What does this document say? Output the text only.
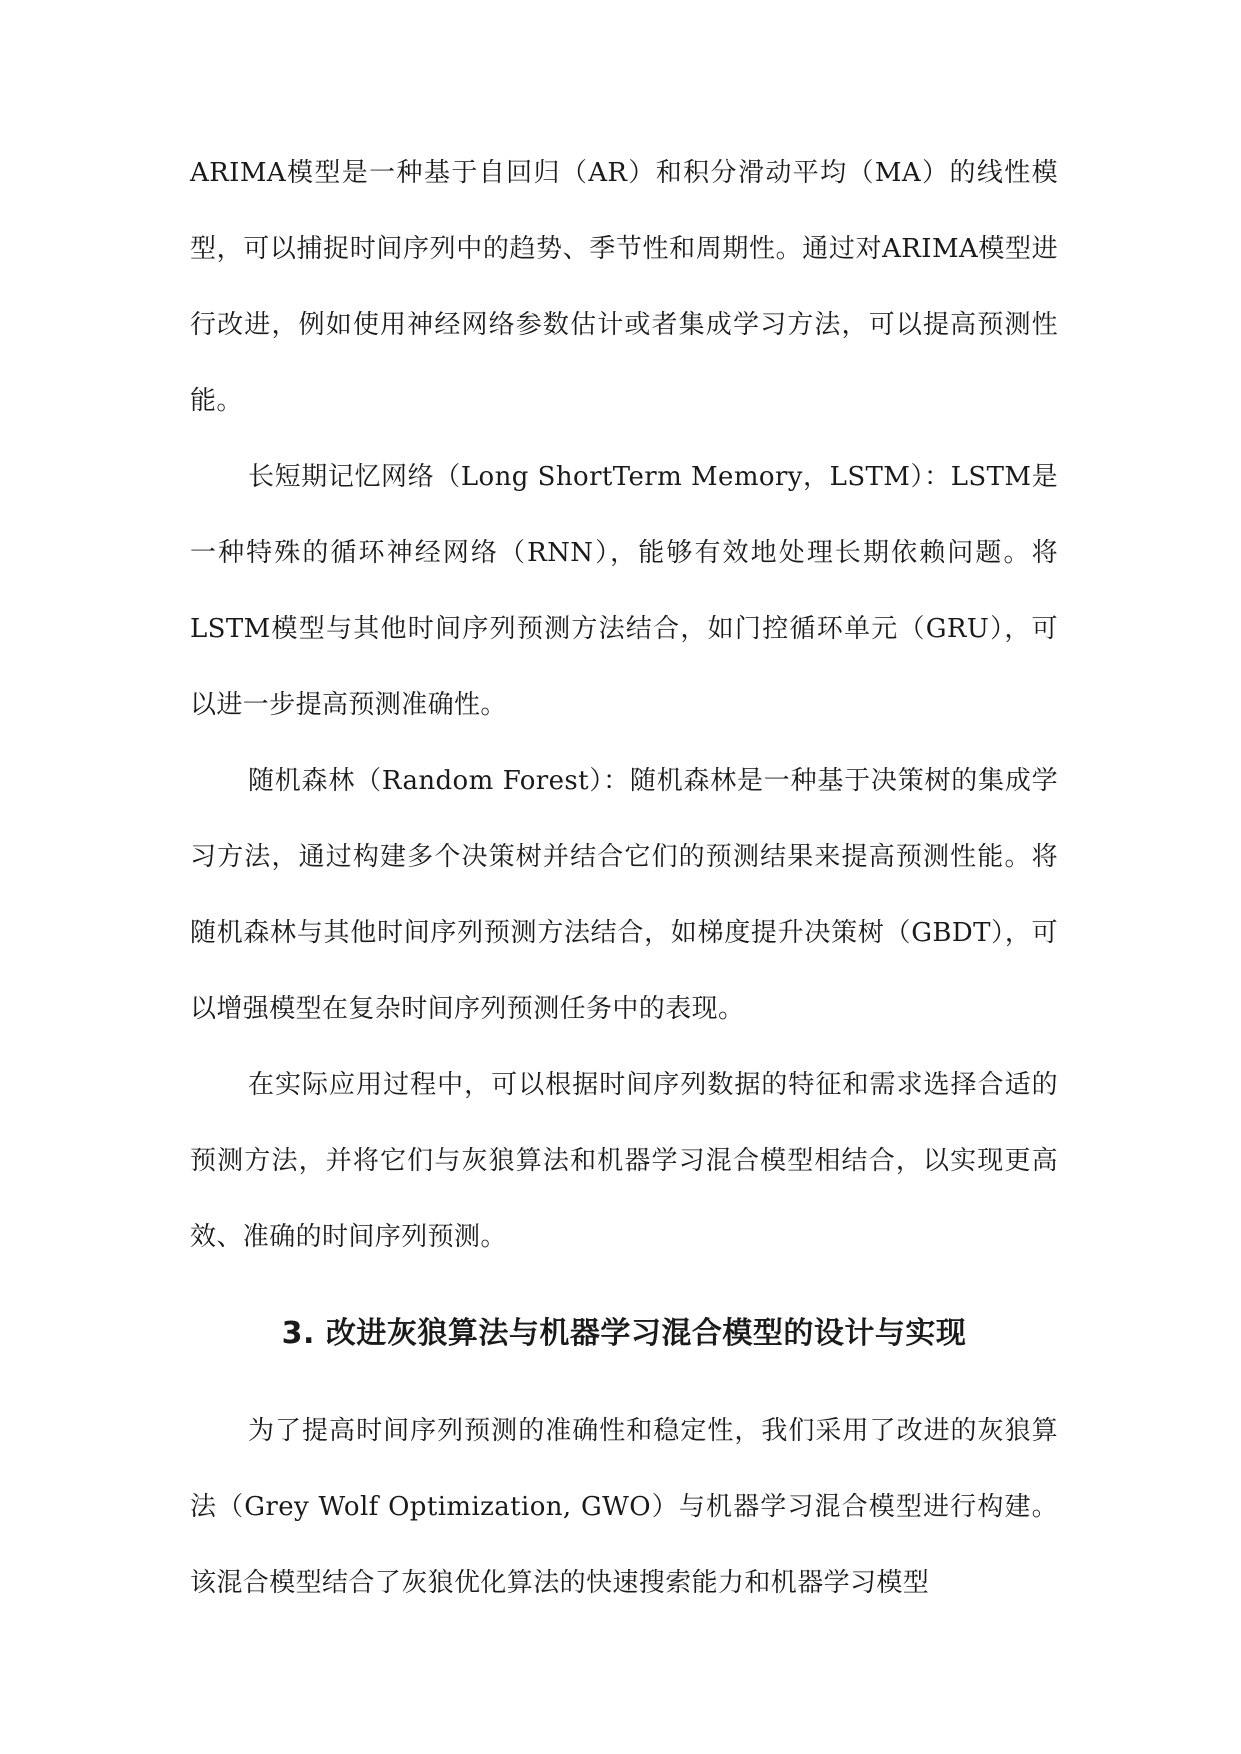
ARIMA模型是一种基于自回归（AR）和积分滑动平均（MA）的线性模型，可以捕捉时间序列中的趋势、季节性和周期性。通过对ARIMA模型进行改进，例如使用神经网络参数估计或者集成学习方法，可以提高预测性能。

长短期记忆网络（Long ShortTerm Memory，LSTM）：LSTM是一种特殊的循环神经网络（RNN），能够有效地处理长期依赖问题。将LSTM模型与其他时间序列预测方法结合，如门控循环单元（GRU），可以进一步提高预测准确性。

随机森林（Random Forest）：随机森林是一种基于决策树的集成学习方法，通过构建多个决策树并结合它们的预测结果来提高预测性能。将随机森林与其他时间序列预测方法结合，如梯度提升决策树（GBDT），可以增强模型在复杂时间序列预测任务中的表现。

在实际应用过程中，可以根据时间序列数据的特征和需求选择合适的预测方法，并将它们与灰狼算法和机器学习混合模型相结合，以实现更高效、准确的时间序列预测。

3. 改进灰狼算法与机器学习混合模型的设计与实现

为了提高时间序列预测的准确性和稳定性，我们采用了改进的灰狼算法（Grey Wolf Optimization, GWO）与机器学习混合模型进行构建。该混合模型结合了灰狼优化算法的快速搜索能力和机器学习模型
